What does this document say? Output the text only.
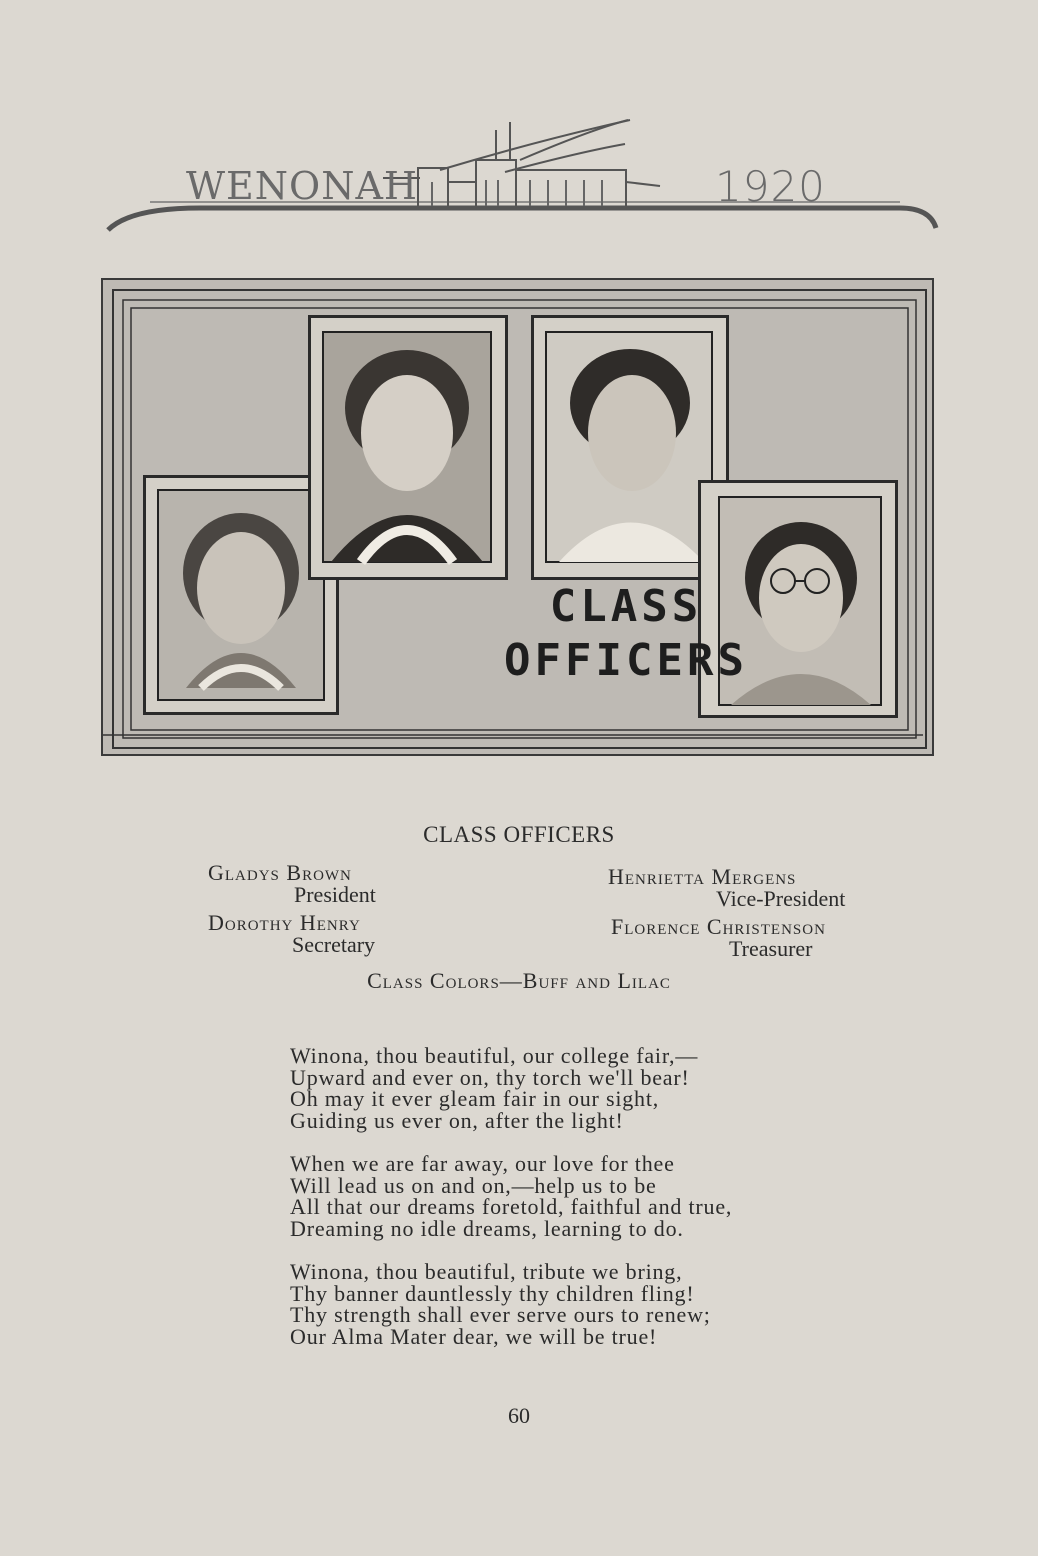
WENONAH	1920
CLASS
OFFICERS
CLASS OFFICERS
Gladys Brown
President
Henrietta Mergens
Vice-President
Dorothy Henry
Secretary
Florence Christenson
Treasurer
Class Colors—Buff and Lilac
Winona, thou beautiful, our college fair,—
Upward and ever on, thy torch we'll bear!
Oh may it ever gleam fair in our sight,
Guiding us ever on, after the light!
When we are far away, our love for thee
Will lead us on and on,—help us to be
All that our dreams foretold, faithful and true,
Dreaming no idle dreams, learning to do.
Winona, thou beautiful, tribute we bring,
Thy banner dauntlessly thy children fling!
Thy strength shall ever serve ours to renew;
Our Alma Mater dear, we will be true!
60
